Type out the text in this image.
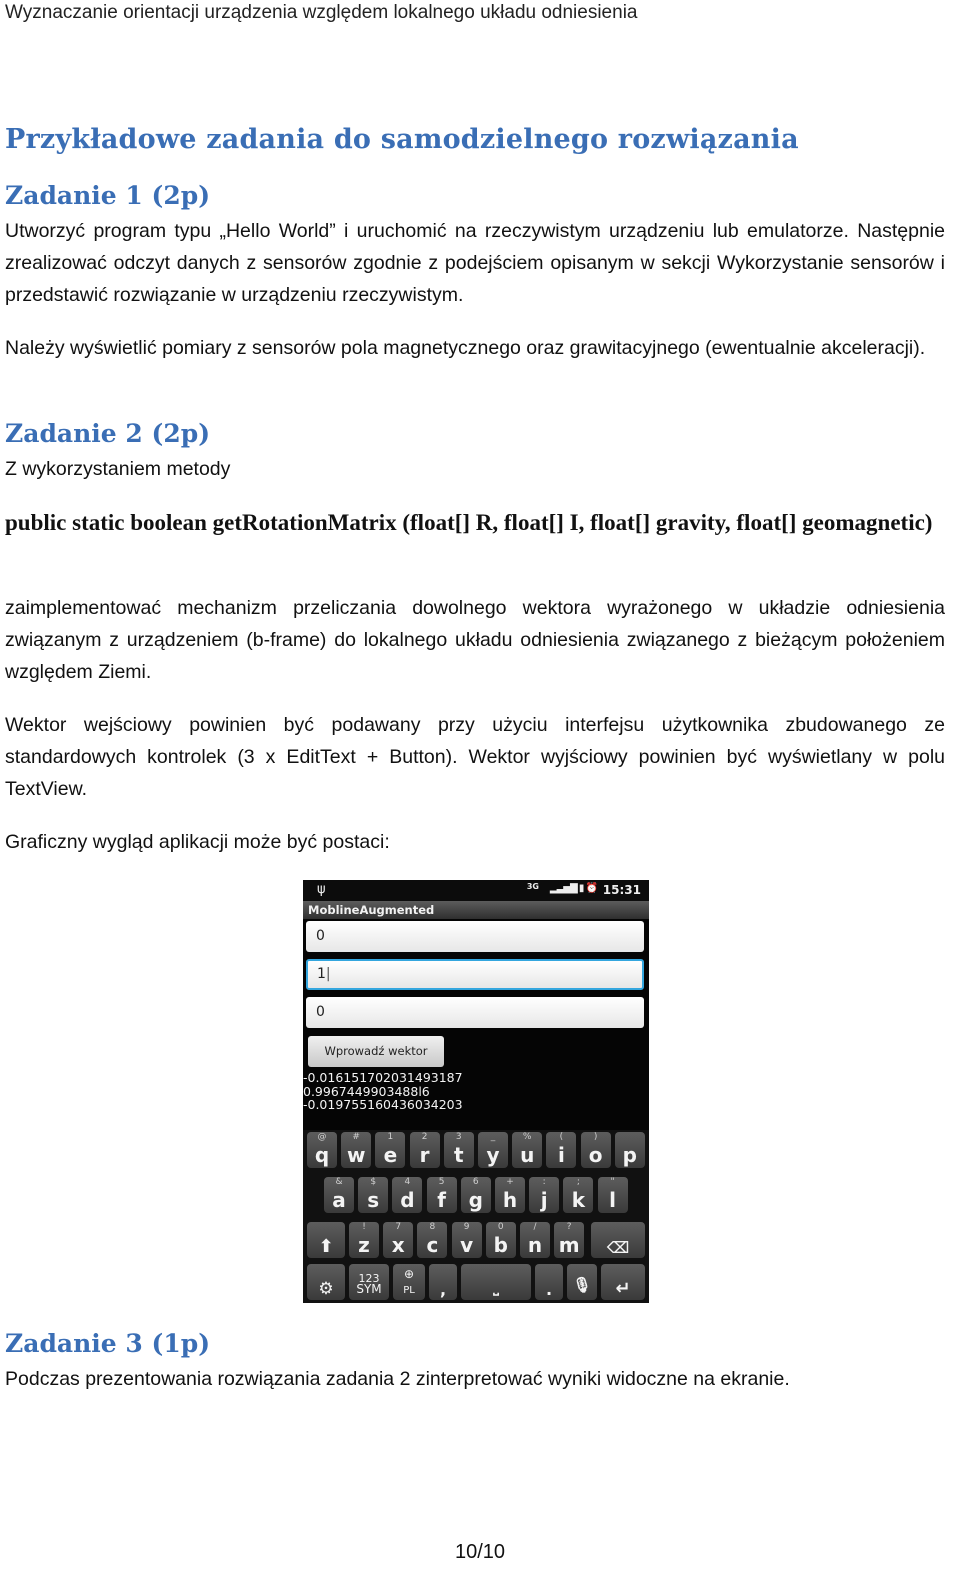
Wyznaczanie orientacji urządzenia względem lokalnego układu odniesienia
Przykładowe zadania do samodzielnego rozwiązania
Zadanie 1 (2p)
Utworzyć program typu „Hello World” i uruchomić na rzeczywistym urządzeniu lub emulatorze. Następnie zrealizować odczyt danych z sensorów zgodnie z podejściem opisanym w sekcji Wykorzystanie sensorów i przedstawić rozwiązanie w urządzeniu rzeczywistym.
Należy wyświetlić pomiary z sensorów pola magnetycznego oraz grawitacyjnego (ewentualnie akceleracji).
Zadanie 2 (2p)
Z wykorzystaniem metody
public static boolean getRotationMatrix (float[] R, float[] I, float[] gravity, float[] geomagnetic)
zaimplementować mechanizm przeliczania dowolnego wektora wyrażonego w układzie odniesienia związanym z urządzeniem (b-frame) do lokalnego układu odniesienia związanego z bieżącym położeniem względem Ziemi.
Wektor wejściowy powinien być podawany przy użyciu interfejsu użytkownika zbudowanego ze standardowych kontrolek (3 x EditText + Button). Wektor wyjściowy powinien być wyświetlany w polu TextView.
Graficzny wygląd aplikacji może być postaci:
ψ	3G ▂▃▅▇ ▮ ⏰ 15:31
MoblineAugmented
0
1|
0
Wprowadź wektor
-0.016151702031493187
0.9967449903488l6
-0.019755160436034203
⚙
123
SYM
⊕
PL	,	⎵	.	🎙	↵
⬆	⌫
@
q
#
w
1
e
2
r
3
t
_
y
%
u
(
i
)
o	p
&
a
$
s
4
d
5
f
6
g
+
h
:
j
;
k
"
l
!
z
7
x
8
c
9
v
0
b
/
n
?
m
Zadanie 3 (1p)
Podczas prezentowania rozwiązania zadania 2 zinterpretować wyniki widoczne na ekranie.
10/10
